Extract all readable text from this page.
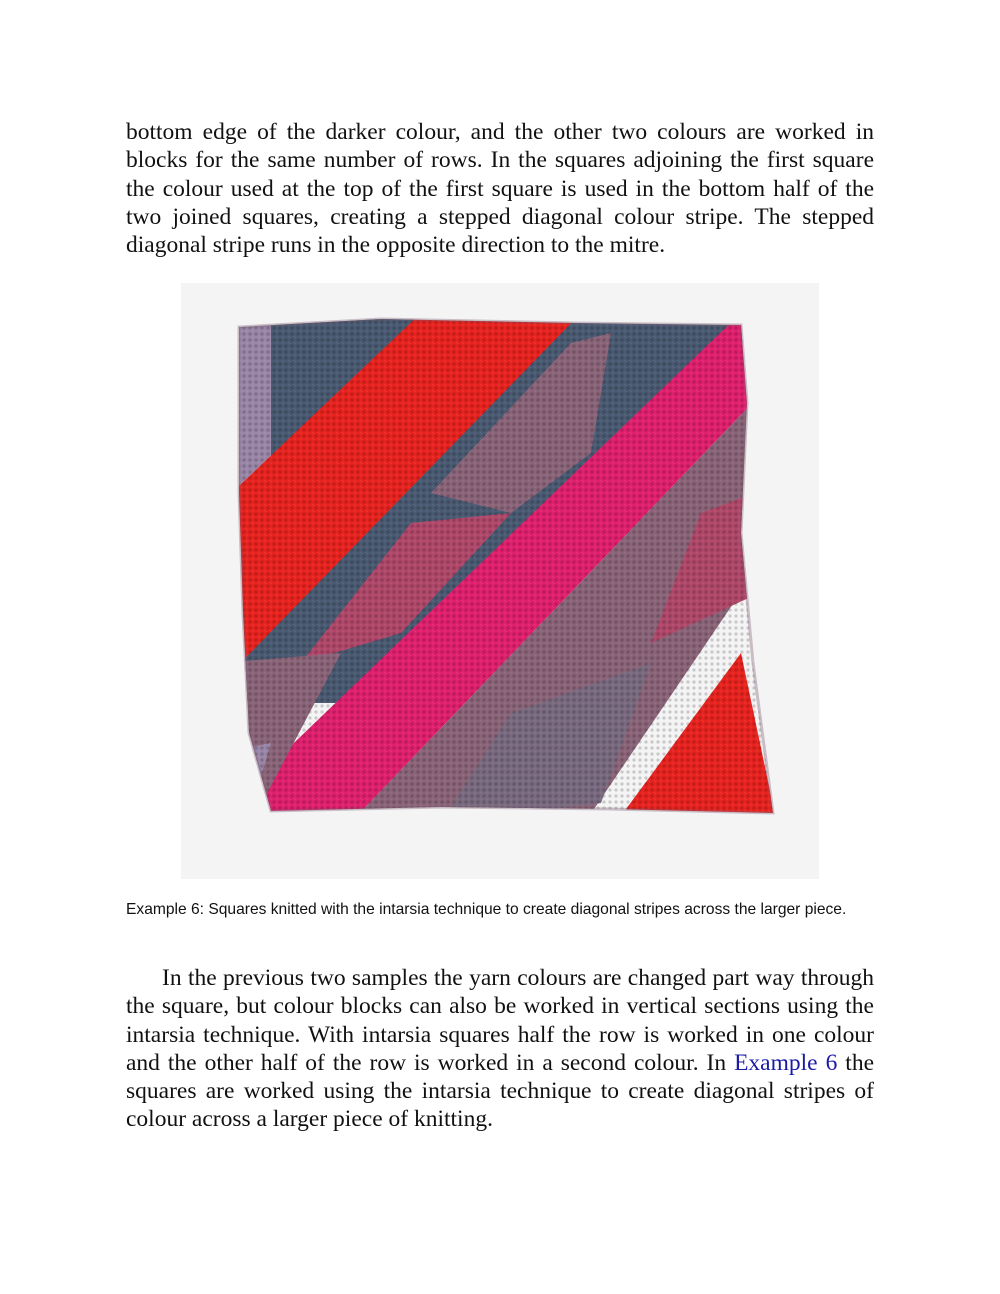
bottom edge of the darker colour, and the other two colours are worked in blocks for the same number of rows. In the squares adjoining the first square the colour used at the top of the first square is used in the bottom half of the two joined squares, creating a stepped diagonal colour stripe. The stepped diagonal stripe runs in the opposite direction to the mitre.

Example 6: Squares knitted with the intarsia technique to create diagonal stripes across the larger piece.

In the previous two samples the yarn colours are changed part way through the square, but colour blocks can also be worked in vertical sections using the intarsia technique. With intarsia squares half the row is worked in one colour and the other half of the row is worked in a second colour. In Example 6 the squares are worked using the intarsia technique to create diagonal stripes of colour across a larger piece of knitting.
